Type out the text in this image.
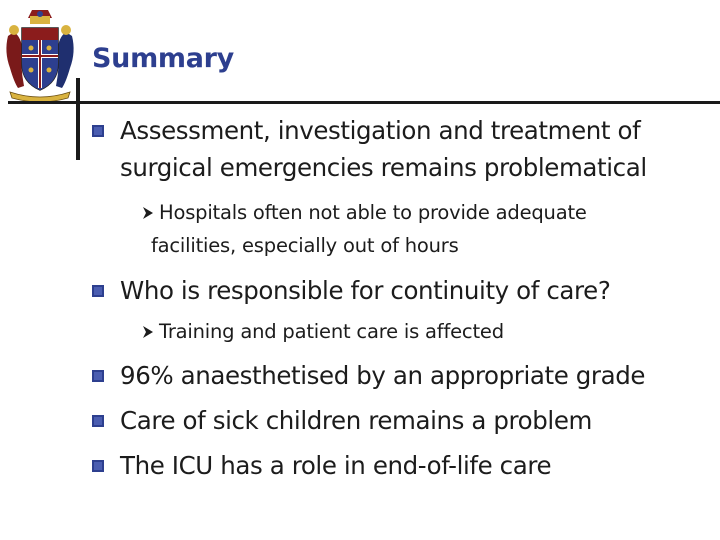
Summary
Assessment, investigation and treatment of
surgical emergencies remains problematical
Hospitals often not able to provide adequate
facilities, especially out of hours
Who is responsible for continuity of care?
Training and patient care is affected
96% anaesthetised by an appropriate grade
Care of sick children remains a problem
The ICU has a role in end-of-life care
